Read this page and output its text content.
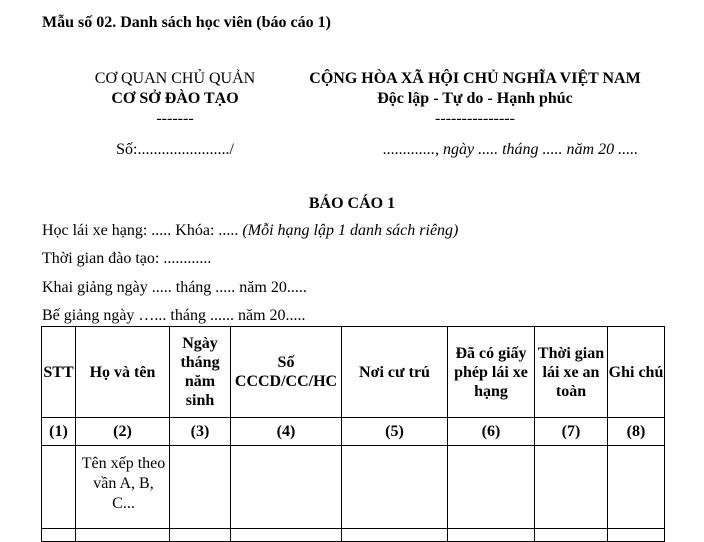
Mẫu số 02. Danh sách học viên (báo cáo 1)
CƠ QUAN CHỦ QUẢN
CƠ SỞ ĐÀO TẠO
-------
Số:......................./
CỘNG HÒA XÃ HỘI CHỦ NGHĨA VIỆT NAM
Độc lập - Tự do - Hạnh phúc
---------------
............., ngày ..... tháng ..... năm 20 .....
BÁO CÁO 1
Học lái xe hạng: ..... Khóa: ..... (Mỗi hạng lập 1 danh sách riêng)
Thời gian đào tạo: ............
Khai giảng ngày ..... tháng ..... năm 20.....
Bế giảng ngày …... tháng ...... năm 20.....
STT	Họ và tên	Ngày tháng năm sinh	Số CCCD/CC/HC	Nơi cư trú	Đã có giấy phép lái xe hạng	Thời gian lái xe an toàn	Ghi chú
(1)	(2)	(3)	(4)	(5)	(6)	(7)	(8)
	Tên xếp theo vần A, B, C...						
